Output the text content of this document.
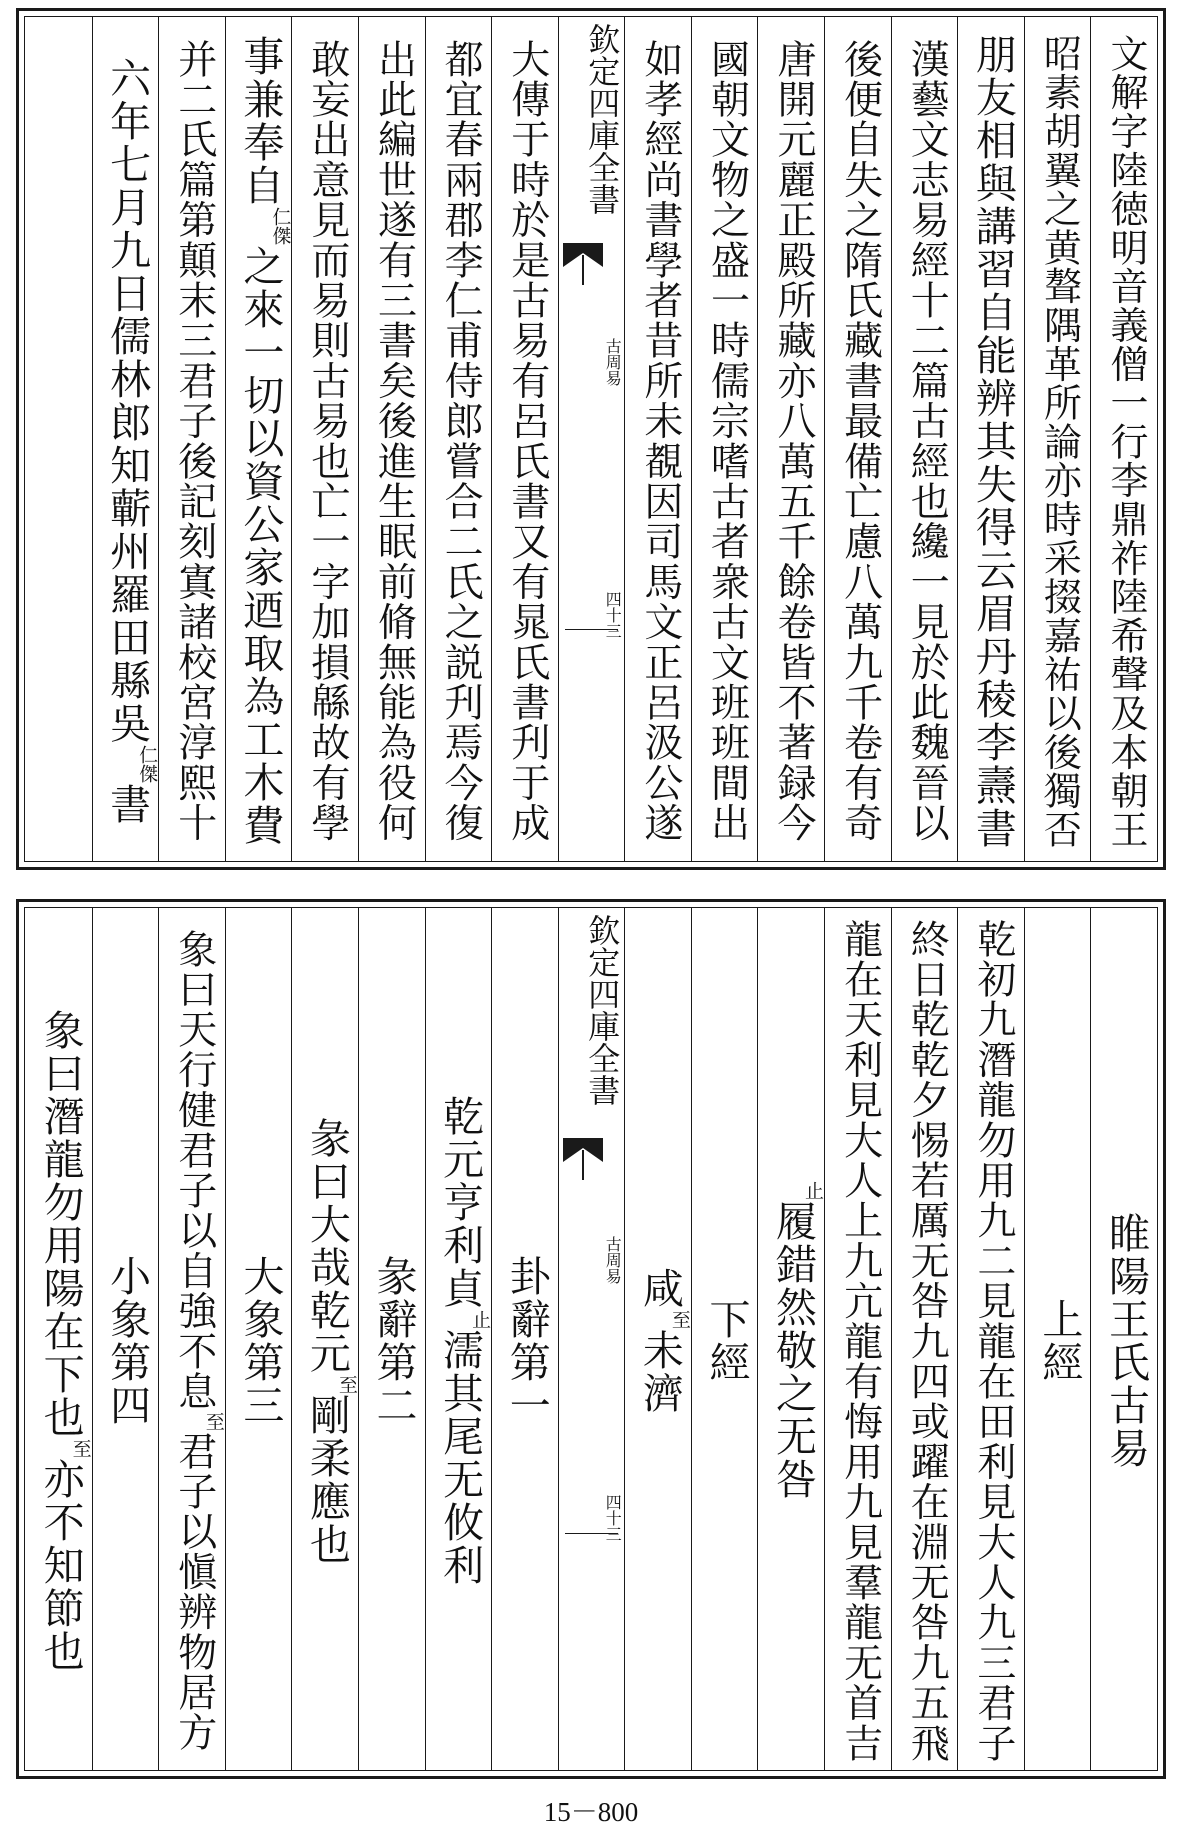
文解字陸徳明音義僧一行李鼎祚陸希聲及本朝王
昭素胡翼之黄聱隅革所論亦時采掇嘉祐以後獨否
朋友相與講習自能辨其失得云眉丹稜李燾書
漢藝文志易經十二篇古經也纔一見於此魏晉以
後便自失之隋氏藏書最備亡慮八萬九千卷有奇
唐開元麗正殿所藏亦八萬五千餘卷皆不著録今
國朝文物之盛一時儒宗嗜古者衆古文班班間出
如孝經尚書學者昔所未覩因司馬文正呂汲公遂
欽定四庫全書
古周易
四十三
大傳于時於是古易有呂氏書又有晁氏書刋于成
都宜春兩郡李仁甫侍郎嘗合二氏之説刋焉今復
出此編世遂有三書矣後進生眠前脩無能為役何
敢妄出意見而易則古易也亡一字加損緜故有學
事兼奉自
仁傑
之來一切以資公家迺取為工木費
并二氏篇第顛末三君子後記刻寘諸校宮淳熙十
六年七月九日儒林郎知蘄州羅田縣吳
仁傑
書
睢陽王氏古易
上經
乾初九潛龍勿用九二見龍在田利見大人九三君子
終日乾乾夕惕若厲无咎九四或躍在淵无咎九五飛
龍在天利見大人上九亢龍有悔用九見羣龍无首吉
止
履錯然敬之无咎
下經
咸
至
未濟
欽定四庫全書
古周易
四十三
卦辭第一
乾元亨利貞
止
濡其尾无攸利
彖辭第二
彖曰大哉乾元
至
剛柔應也
大象第三
象曰天行健君子以自強不息
至
君子以愼辨物居方
小象第四
象曰潛龍勿用陽在下也
至
亦不知節也
15－800
